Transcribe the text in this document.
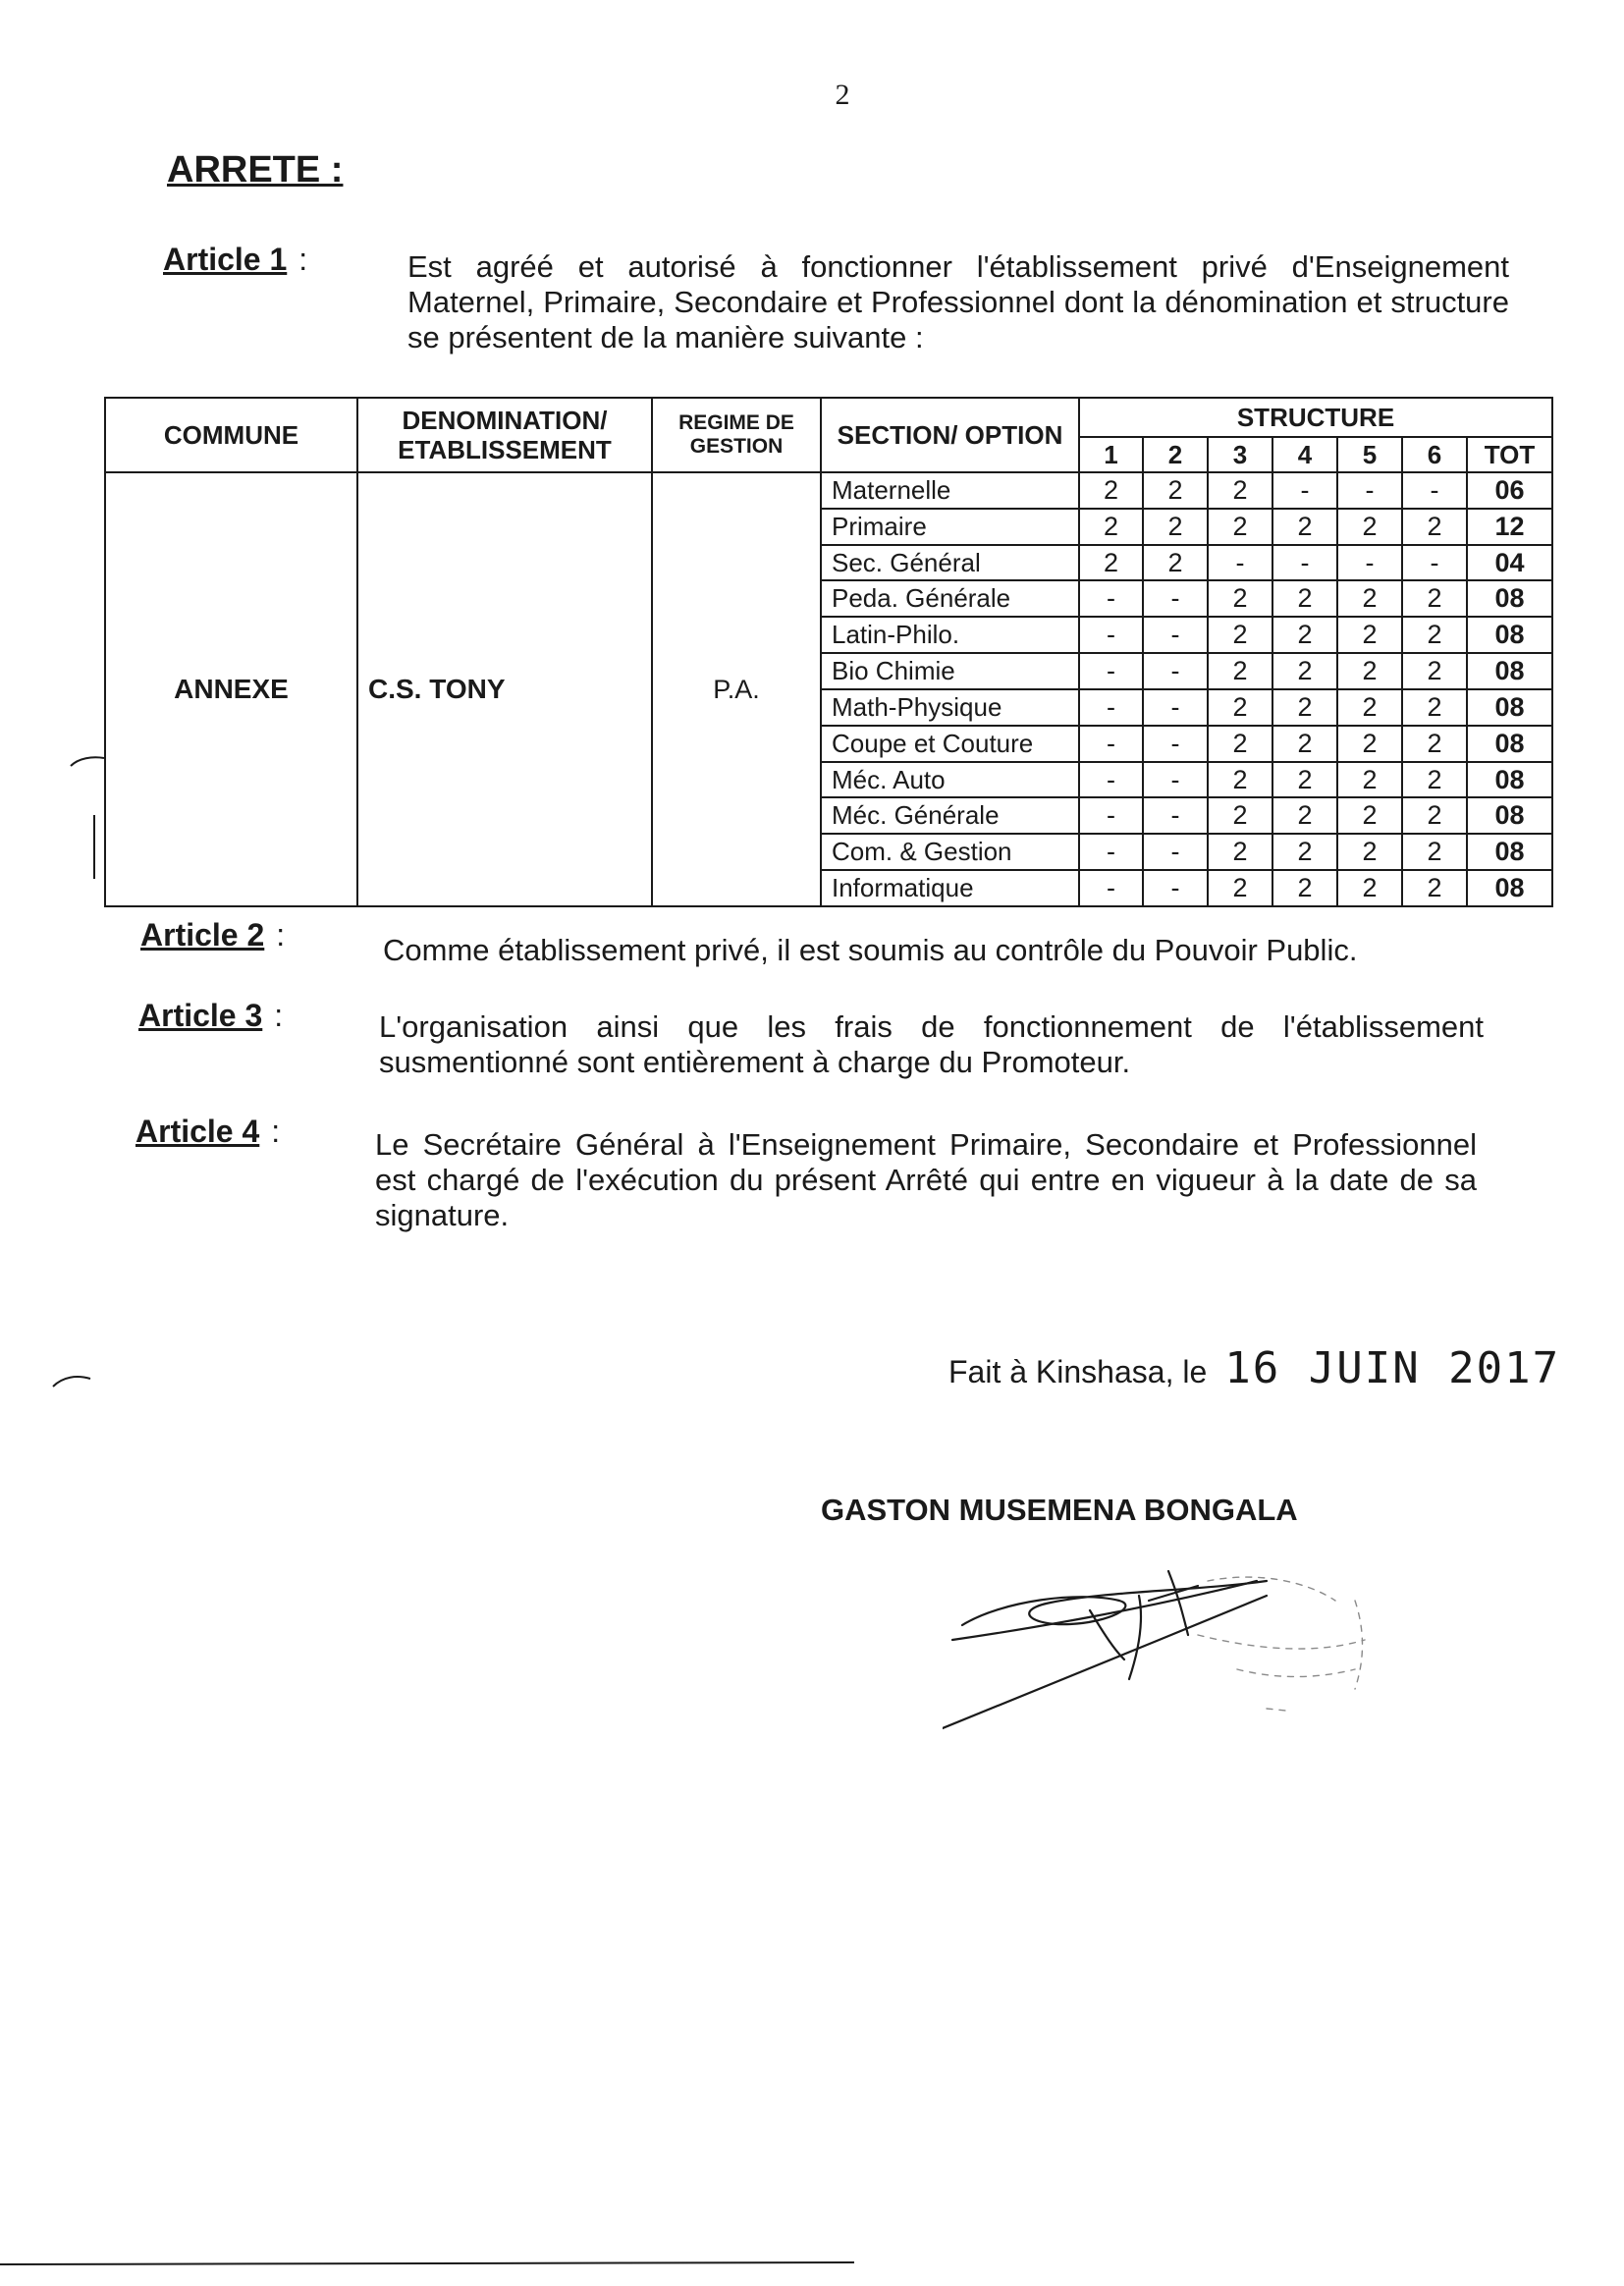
2
ARRETE :
Article 1 :	Est agréé et autorisé à fonctionner l'établissement privé d'Enseignement Maternel, Primaire, Secondaire et Professionnel dont la dénomination et structure se présentent de la manière suivante :
COMMUNE	DENOMINATION/ ETABLISSEMENT	REGIME DE GESTION	SECTION/ OPTION	STRUCTURE						
				1	2	3	4	5	6	TOT
ANNEXE	C.S. TONY	P.A.	Maternelle	2	2	2	-	-	-	06
			Primaire	2	2	2	2	2	2	12
			Sec. Général	2	2	-	-	-	-	04
			Peda. Générale	-	-	2	2	2	2	08
			Latin-Philo.	-	-	2	2	2	2	08
			Bio Chimie	-	-	2	2	2	2	08
			Math-Physique	-	-	2	2	2	2	08
			Coupe et Couture	-	-	2	2	2	2	08
			Méc. Auto	-	-	2	2	2	2	08
			Méc. Générale	-	-	2	2	2	2	08
			Com. & Gestion	-	-	2	2	2	2	08
			Informatique	-	-	2	2	2	2	08
Article 2 :	Comme établissement privé, il est soumis au contrôle du Pouvoir Public.
Article 3 :	L'organisation ainsi que les frais de fonctionnement de l'établissement susmentionné sont entièrement à charge du Promoteur.
Article 4 :	Le Secrétaire Général à l'Enseignement Primaire, Secondaire et Professionnel est chargé de l'exécution du présent Arrêté qui entre en vigueur à la date de sa signature.
Fait à Kinshasa, le 16 JUIN 2017
GASTON MUSEMENA BONGALA
